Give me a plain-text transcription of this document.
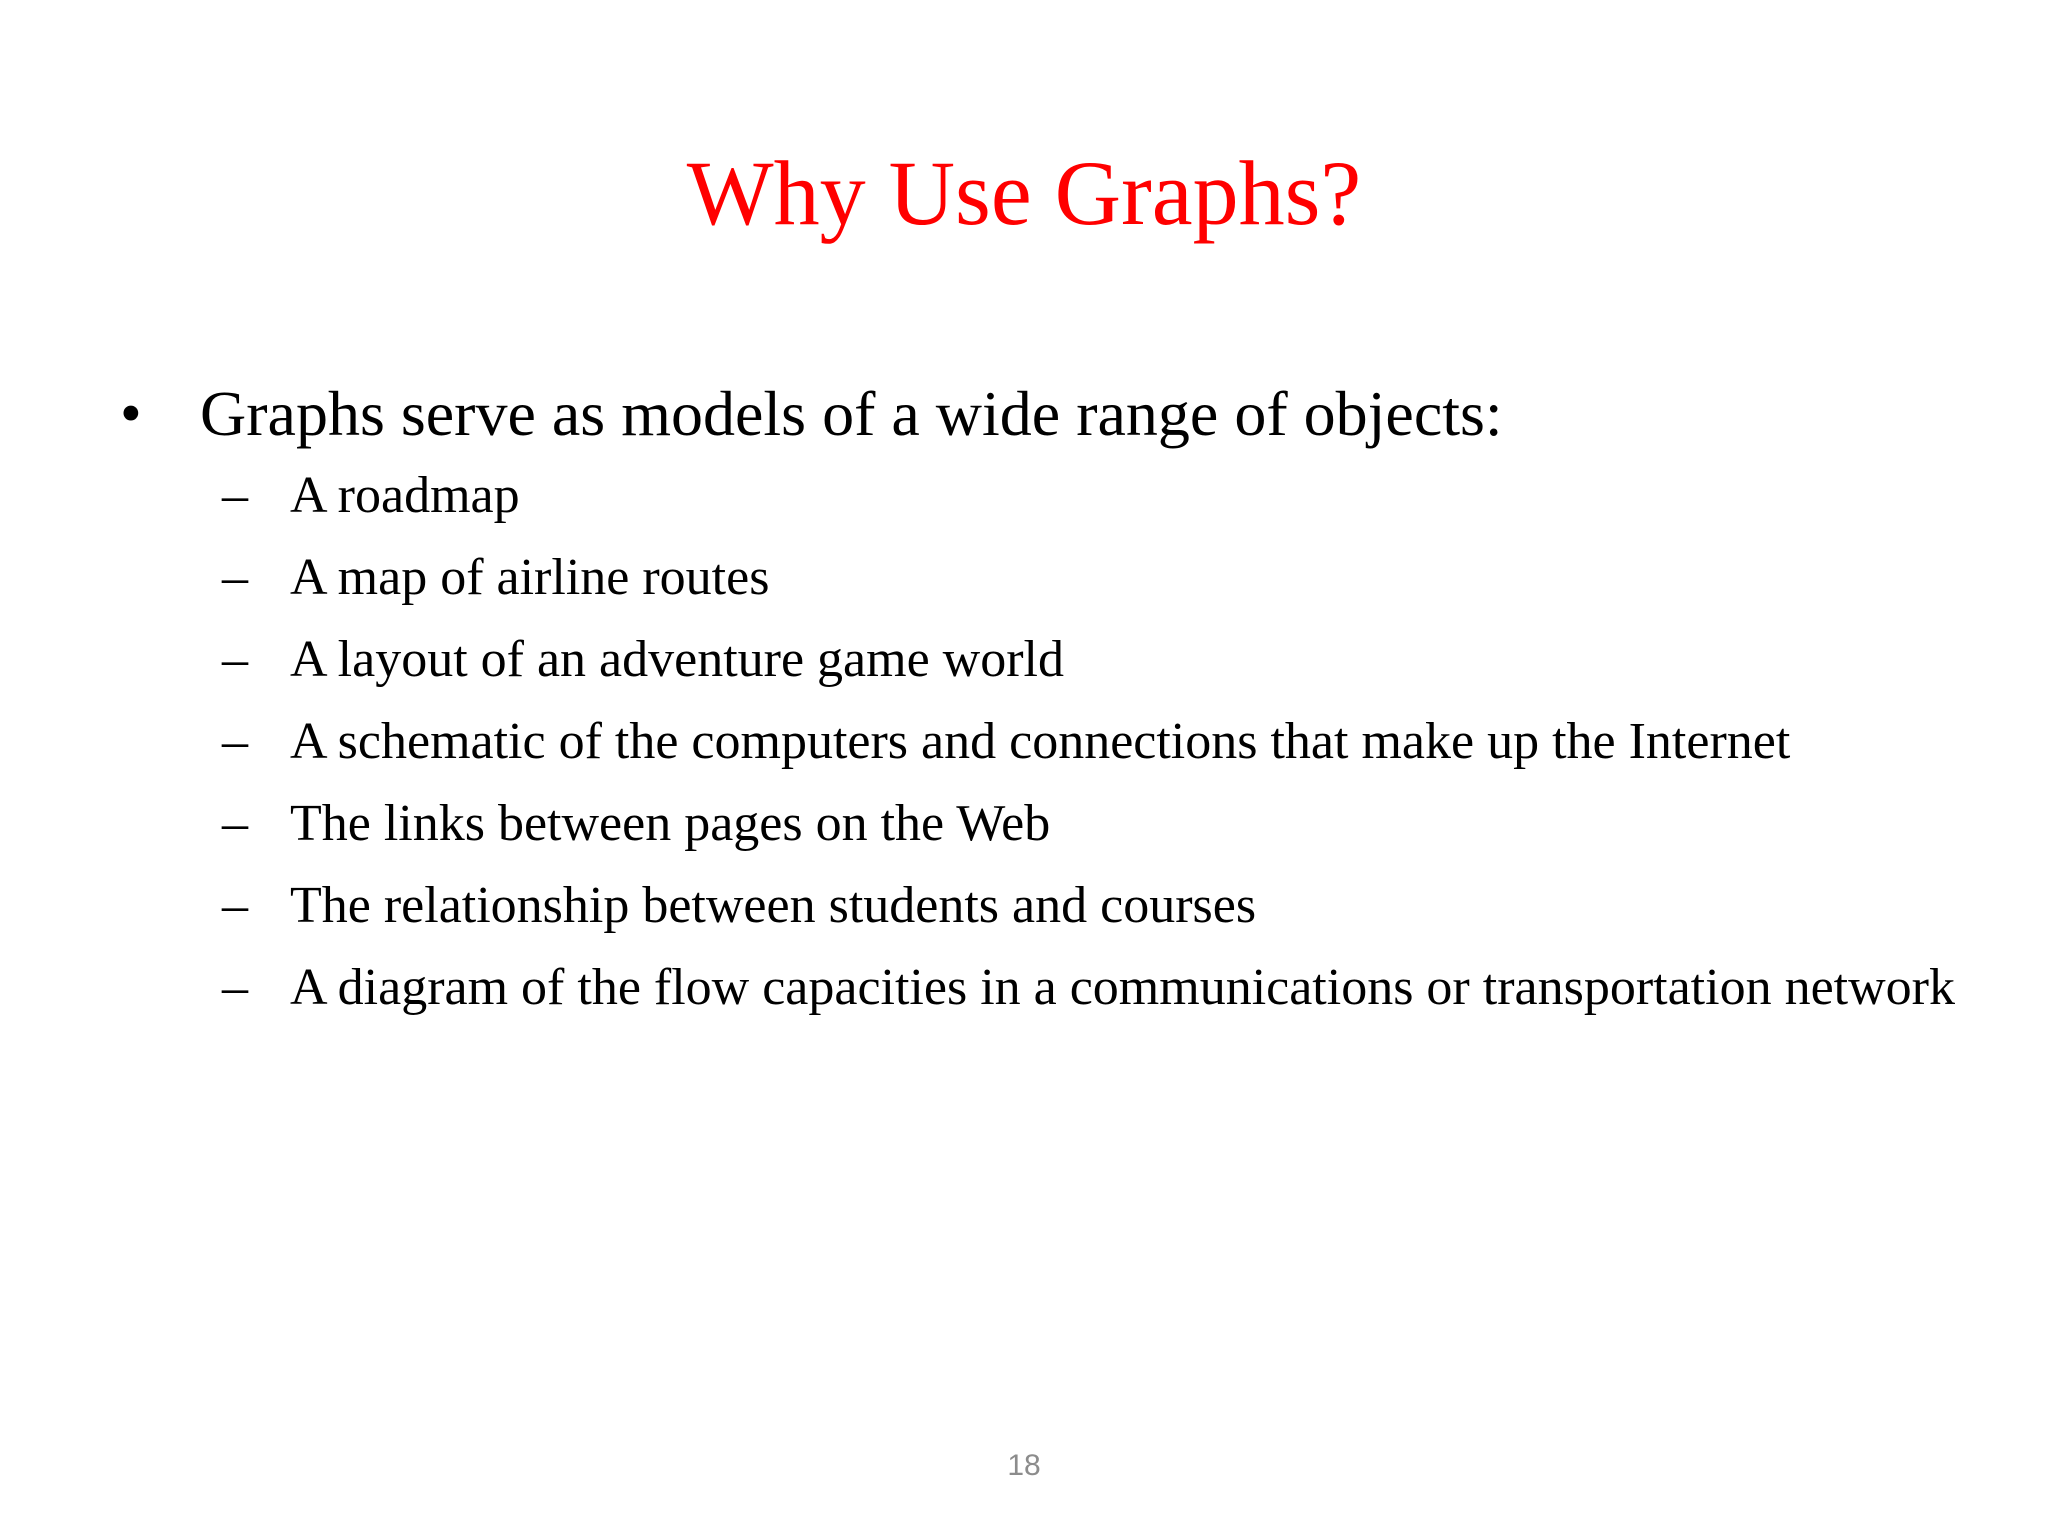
Why Use Graphs?
• Graphs serve as models of a wide range of objects:
– A roadmap
– A map of airline routes
– A layout of an adventure game world
– A schematic of the computers and connections that make up the Internet
– The links between pages on the Web
– The relationship between students and courses
– A diagram of the flow capacities in a communications or transportation network
18
